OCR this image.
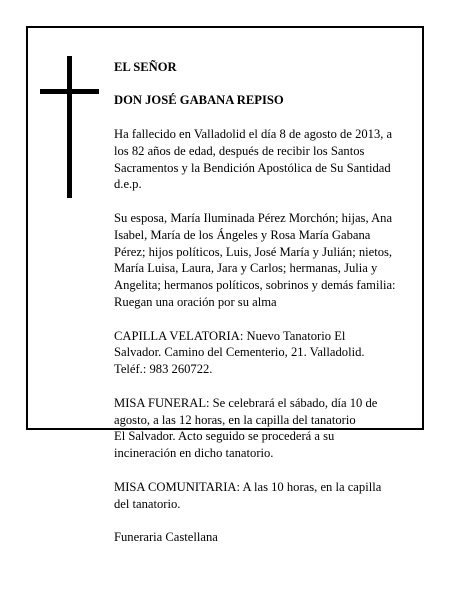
EL SEÑOR

DON JOSÉ GABANA REPISO

Ha fallecido en Valladolid el día 8 de agosto de 2013, a
los 82 años de edad, después de recibir los Santos
Sacramentos y la Bendición Apostólica de Su Santidad
d.e.p.

Su esposa, María Iluminada Pérez Morchón; hijas, Ana
Isabel, María de los Ángeles y Rosa María Gabana
Pérez; hijos políticos, Luis, José María y Julián; nietos,
María Luisa, Laura, Jara y Carlos; hermanas, Julia y
Angelita; hermanos políticos, sobrinos y demás familia:
Ruegan una oración por su alma

CAPILLA VELATORIA: Nuevo Tanatorio El
Salvador. Camino del Cementerio, 21. Valladolid.
Teléf.: 983 260722.

MISA FUNERAL: Se celebrará el sábado, día 10 de
agosto, a las 12 horas, en la capilla del tanatorio
El Salvador. Acto seguido se procederá a su
incineración en dicho tanatorio.

MISA COMUNITARIA: A las 10 horas, en la capilla
del tanatorio.

Funeraria Castellana
